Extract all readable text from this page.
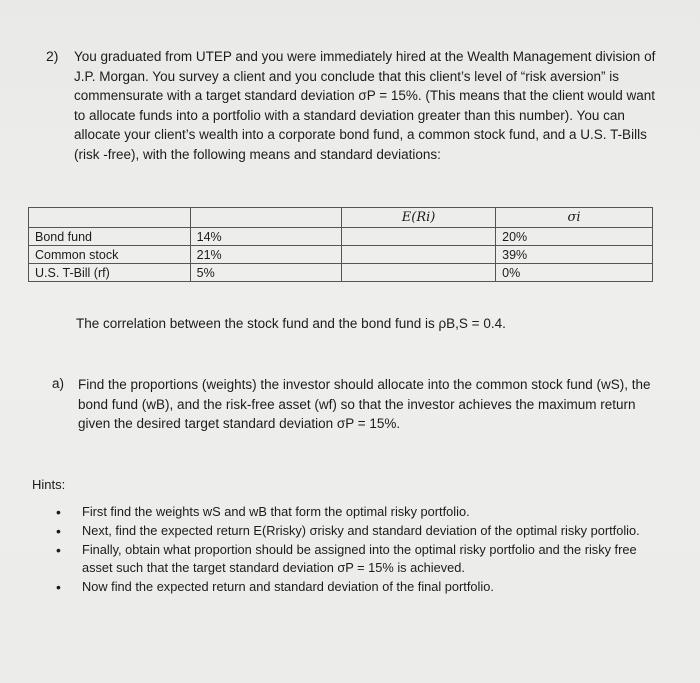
2) You graduated from UTEP and you were immediately hired at the Wealth Management division of J.P. Morgan. You survey a client and you conclude that this client’s level of “risk aversion” is commensurate with a target standard deviation σP = 15%. (This means that the client would want to allocate funds into a portfolio with a standard deviation greater than this number). You can allocate your client’s wealth into a corporate bond fund, a common stock fund, and a U.S. T-Bills (risk -free), with the following means and standard deviations:
		E(Ri)	σi
Bond fund	14%		20%
Common stock	21%		39%
U.S. T-Bill (rf)	5%		0%
The correlation between the stock fund and the bond fund is ρB,S = 0.4.
a) Find the proportions (weights) the investor should allocate into the common stock fund (wS), the bond fund (wB), and the risk-free asset (wf) so that the investor achieves the maximum return given the desired target standard deviation σP = 15%.
Hints:
• First find the weights wS and wB that form the optimal risky portfolio.
• Next, find the expected return E(Rrisky) σrisky and standard deviation of the optimal risky portfolio.
• Finally, obtain what proportion should be assigned into the optimal risky portfolio and the risky free asset such that the target standard deviation σP = 15% is achieved.
• Now find the expected return and standard deviation of the final portfolio.
